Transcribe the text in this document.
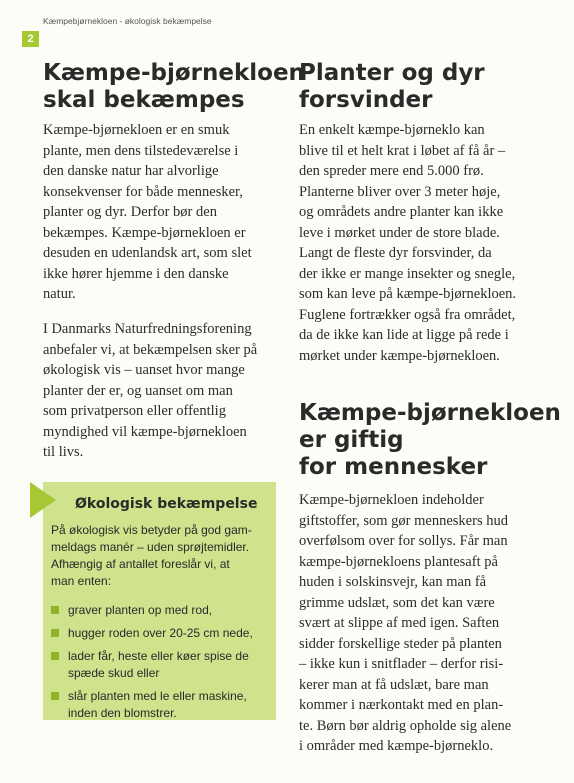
Kæmpebjørnekloen - økologisk bekæmpelse
2
Kæmpe-bjørnekloen
skal bekæmpes

Kæmpe-bjørnekloen er en smuk
plante, men dens tilstedeværelse i
den danske natur har alvorlige
konsekvenser for både mennesker,
planter og dyr. Derfor bør den
bekæmpes. Kæmpe-bjørnekloen er
desuden en udenlandsk art, som slet
ikke hører hjemme i den danske
natur.

I Danmarks Naturfredningsforening
anbefaler vi, at bekæmpelsen sker på
økologisk vis – uanset hvor mange
planter der er, og uanset om man
som privatperson eller offentlig
myndighed vil kæmpe-bjørnekloen
til livs.

Økologisk bekæmpelse

På økologisk vis betyder på god gam-
meldags manér – uden sprøjtemidler.
Afhængig af antallet foreslår vi, at
man enten:

graver planten op med rod,
hugger roden over 20-25 cm nede,
lader får, heste eller køer spise de
spæde skud eller
slår planten med le eller maskine,
inden den blomstrer.
Planter og dyr
forsvinder

En enkelt kæmpe-bjørneklo kan
blive til et helt krat i løbet af få år –
den spreder mere end 5.000 frø.
Planterne bliver over 3 meter høje,
og områdets andre planter kan ikke
leve i mørket under de store blade.
Langt de fleste dyr forsvinder, da
der ikke er mange insekter og snegle,
som kan leve på kæmpe-bjørnekloen.
Fuglene fortrækker også fra området,
da de ikke kan lide at ligge på rede i
mørket under kæmpe-bjørnekloen.

Kæmpe-bjørnekloen
er giftig
for mennesker

Kæmpe-bjørnekloen indeholder
giftstoffer, som gør menneskers hud
overfølsom over for sollys. Får man
kæmpe-bjørnekloens plantesaft på
huden i solskinsvejr, kan man få
grimme udslæt, som det kan være
svært at slippe af med igen. Saften
sidder forskellige steder på planten
– ikke kun i snitflader – derfor risi-
kerer man at få udslæt, bare man
kommer i nærkontakt med en plan-
te. Børn bør aldrig opholde sig alene
i områder med kæmpe-bjørneklo.
